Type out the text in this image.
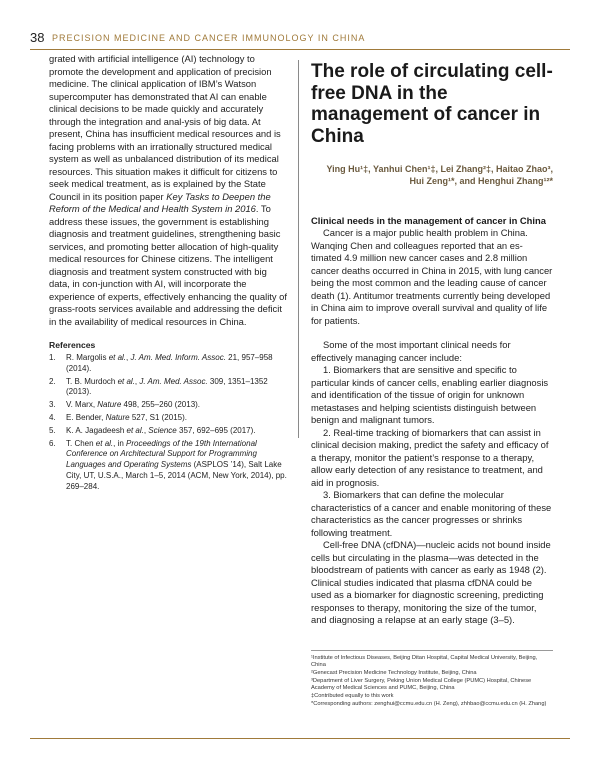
38 PRECISION MEDICINE AND CANCER IMMUNOLOGY IN CHINA

grated with artificial intelligence (AI) technology to promote the development and application of precision medicine. The clinical application of IBM’s Watson supercomputer has demonstrated that AI can enable clinical decisions to be made quickly and accurately through the integration and anal-ysis of big data. At present, China has insufficient medical resources and is facing problems with an irrationally structured medical system as well as unbalanced distribution of its medical resources. This situation makes it difficult for citizens to seek medical treatment, as is explained by the State Council in its position paper Key Tasks to Deepen the Reform of the Medical and Health System in 2016. To address these issues, the government is establishing diagnosis and treatment guidelines, strengthening basic services, and promoting better allocation of high-quality medical resources for Chinese citizens. The intelligent diagnosis and treatment system constructed with big data, in con-junction with AI, will incorporate the experience of experts, effectively enhancing the quality of grass-roots services available and addressing the deficit in the availability of medical resources in China.

References
1. R. Margolis et al., J. Am. Med. Inform. Assoc. 21, 957–958 (2014).
2. T. B. Murdoch et al., J. Am. Med. Assoc. 309, 1351–1352 (2013).
3. V. Marx, Nature 498, 255–260 (2013).
4. E. Bender, Nature 527, S1 (2015).
5. K. A. Jagadeesh et al., Science 357, 692–695 (2017).
6. T. Chen et al., in Proceedings of the 19th International Conference on Architectural Support for Programming Languages and Operating Systems (ASPLOS ’14), Salt Lake City, UT, U.S.A., March 1–5, 2014 (ACM, New York, 2014), pp. 269–284.
The role of circulating cell-free DNA in the management of cancer in China
Ying Hu¹‡, Yanhui Chen¹‡, Lei Zhang²‡, Haitao Zhao³, Hui Zeng¹*, and Henghui Zhang¹²*
Clinical needs in the management of cancer in China

Cancer is a major public health problem in China. Wanqing Chen and colleagues reported that an es-timated 4.9 million new cancer cases and 2.8 million cancer deaths occurred in China in 2015, with lung cancer being the most common and the leading cause of cancer death (1). Antitumor treatments currently being developed in China aim to improve overall survival and quality of life for patients.

Some of the most important clinical needs for effectively managing cancer include:

1. Biomarkers that are sensitive and specific to particular kinds of cancer cells, enabling earlier diagnosis and identification of the tissue of origin for unknown metastases and helping scientists distinguish between benign and malignant tumors.

2. Real-time tracking of biomarkers that can assist in clinical decision making, predict the safety and efficacy of a therapy, monitor the patient’s response to a therapy, allow early detection of any resistance to treatment, and aid in prognosis.

3. Biomarkers that can define the molecular characteristics of a cancer and enable monitoring of these characteristics as the cancer progresses or shrinks following treatment.

Cell-free DNA (cfDNA)—nucleic acids not bound inside cells but circulating in the plasma—was detected in the bloodstream of patients with cancer as early as 1948 (2). Clinical studies indicated that plasma cfDNA could be used as a biomarker for diagnostic screening, predicting responses to therapy, monitoring the size of the tumor, and diagnosing a relapse at an early stage (3–5).

¹Institute of Infectious Diseases, Beijing Ditan Hospital, Capital Medical University, Beijing, China

²Genecast Precision Medicine Technology Institute, Beijing, China

³Department of Liver Surgery, Peking Union Medical College (PUMC) Hospital, Chinese Academy of Medical Sciences and PUMC, Beijing, China

‡Contributed equally to this work

*Corresponding authors: zenghui@ccmu.edu.cn (H. Zeng), zhhbao@ccmu.edu.cn (H. Zhang)
